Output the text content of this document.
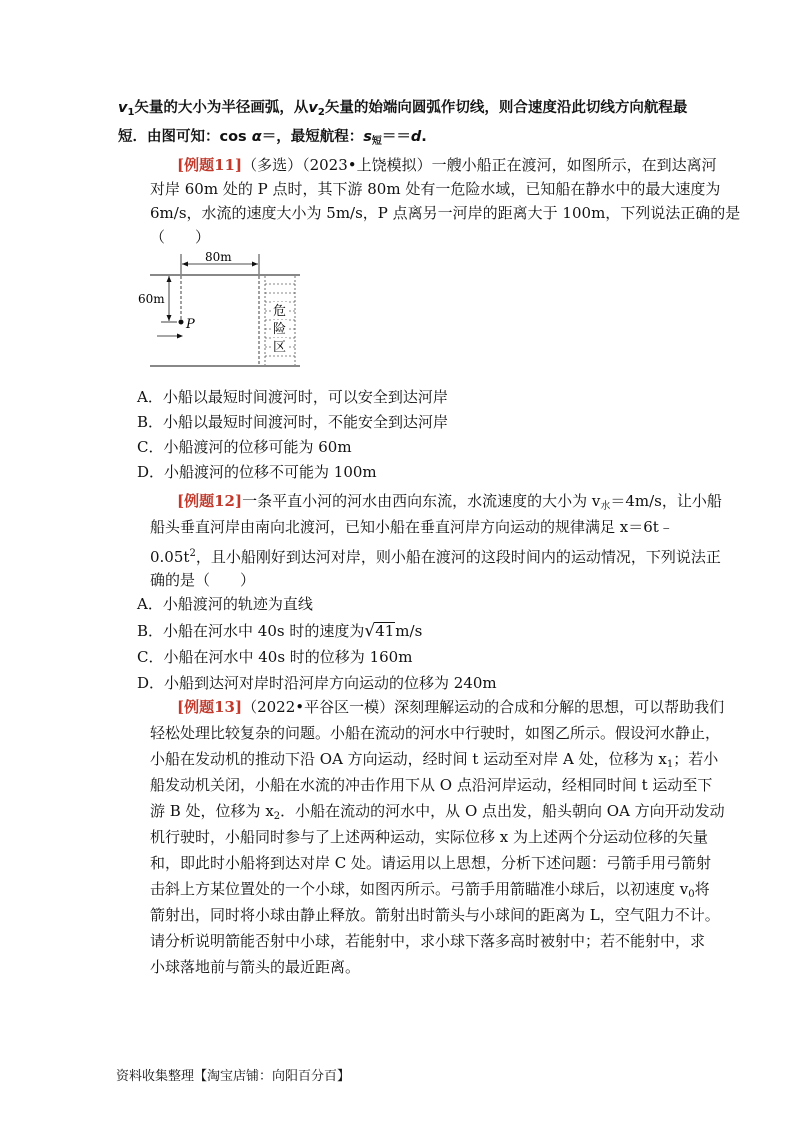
$v_1$矢量的大小为半径画弧，从$v_2$矢量的始端向圆弧作切线，则合速度沿此切线方向航程最
短．由图可知：cos α＝，最短航程：$s_短==d$.
[例题11]（多选）（2023•上饶模拟）一艘小船正在渡河，如图所示，在到达离河
对岸 60m 处的 P 点时，其下游 80m 处有一危险水域，已知船在静水中的最大速度为
6m/s，水流的速度大小为 5m/s，P 点离另一河岸的距离大于 100m，下列说法正确的是
（　　）
80m
60m
P
危
险
区
A．小船以最短时间渡河时，可以安全到达河岸
B．小船以最短时间渡河时，不能安全到达河岸
C．小船渡河的位移可能为 60m
D．小船渡河的位移不可能为 100m
[例题12]一条平直小河的河水由西向东流，水流速度的大小为 $v_水=4m/s$，让小船
船头垂直河岸由南向北渡河，已知小船在垂直河岸方向运动的规律满足 x＝6t﹣
$0.05t^2$，且小船刚好到达河对岸，则小船在渡河的这段时间内的运动情况，下列说法正
确的是（　　）
A．小船渡河的轨迹为直线
B．小船在河水中 40s 时的速度为√41m/s
C．小船在河水中 40s 时的位移为 160m
D．小船到达河对岸时沿河岸方向运动的位移为 240m
[例题13]（2022•平谷区一模）深刻理解运动的合成和分解的思想，可以帮助我们
轻松处理比较复杂的问题。小船在流动的河水中行驶时，如图乙所示。假设河水静止，
小船在发动机的推动下沿 OA 方向运动，经时间 t 运动至对岸 A 处，位移为 $x_1$；若小
船发动机关闭，小船在水流的冲击作用下从 O 点沿河岸运动，经相同时间 t 运动至下
游 B 处，位移为 $x_2$．小船在流动的河水中，从 O 点出发，船头朝向 OA 方向开动发动
机行驶时，小船同时参与了上述两种运动，实际位移 x 为上述两个分运动位移的矢量
和，即此时小船将到达对岸 C 处。请运用以上思想，分析下述问题：弓箭手用弓箭射
击斜上方某位置处的一个小球，如图丙所示。弓箭手用箭瞄准小球后，以初速度 $v_0$将
箭射出，同时将小球由静止释放。箭射出时箭头与小球间的距离为 L，空气阻力不计。
请分析说明箭能否射中小球，若能射中，求小球下落多高时被射中；若不能射中，求
小球落地前与箭头的最近距离。
资料收集整理【淘宝店铺：向阳百分百】
